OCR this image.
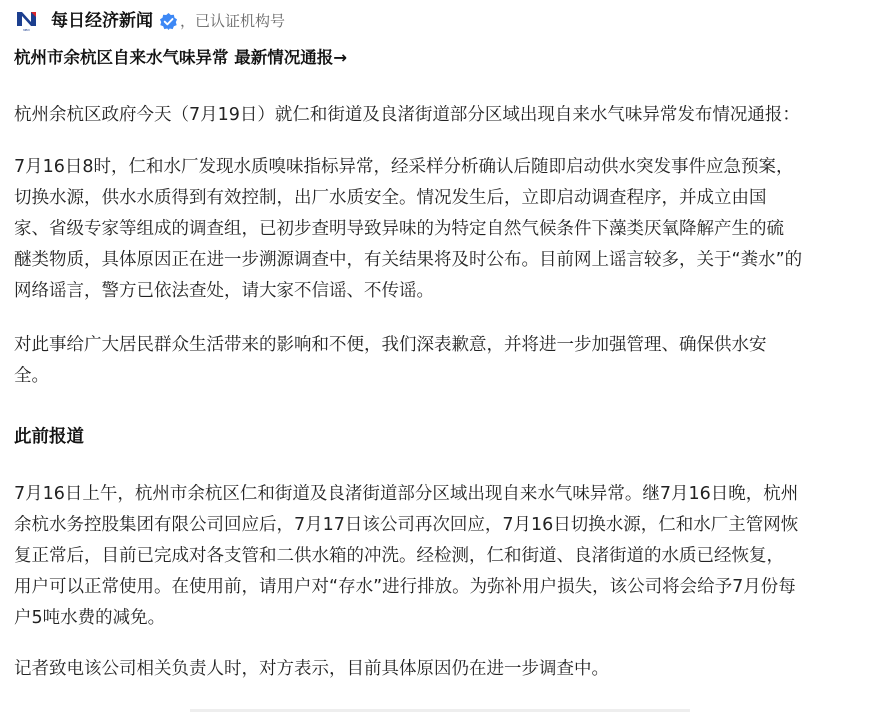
NBD	每日经济新闻 ，已认证机构号
杭州市余杭区自来水气味异常 最新情况通报→
杭州余杭区政府今天（7月19日）就仁和街道及良渚街道部分区域出现自来水气味异常发布情况通报：
7月16日8时，仁和水厂发现水质嗅味指标异常，经采样分析确认后随即启动供水突发事件应急预案，
切换水源，供水水质得到有效控制，出厂水质安全。情况发生后，立即启动调查程序，并成立由国
家、省级专家等组成的调查组，已初步查明导致异味的为特定自然气候条件下藻类厌氧降解产生的硫
醚类物质，具体原因正在进一步溯源调查中，有关结果将及时公布。目前网上谣言较多，关于“粪水”的
网络谣言，警方已依法查处，请大家不信谣、不传谣。
对此事给广大居民群众生活带来的影响和不便，我们深表歉意，并将进一步加强管理、确保供水安
全。
此前报道
7月16日上午，杭州市余杭区仁和街道及良渚街道部分区域出现自来水气味异常。继7月16日晚，杭州
余杭水务控股集团有限公司回应后，7月17日该公司再次回应，7月16日切换水源，仁和水厂主管网恢
复正常后，目前已完成对各支管和二供水箱的冲洗。经检测，仁和街道、良渚街道的水质已经恢复，
用户可以正常使用。在使用前，请用户对“存水”进行排放。为弥补用户损失，该公司将会给予7月份每
户5吨水费的减免。
记者致电该公司相关负责人时，对方表示，目前具体原因仍在进一步调查中。
